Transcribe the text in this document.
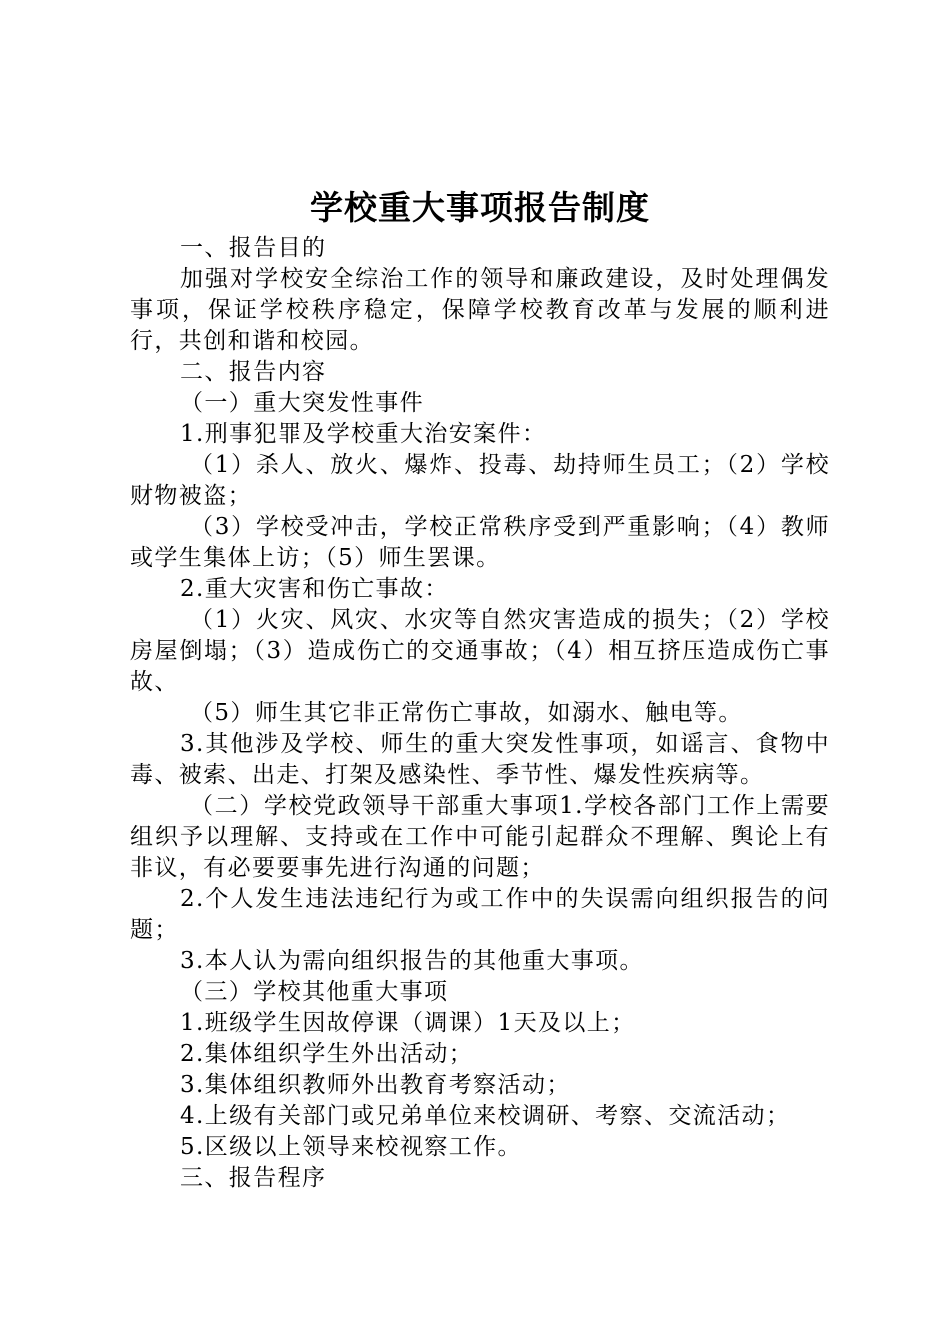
学校重大事项报告制度

一、报告目的

加强对学校安全综治工作的领导和廉政建设，及时处理偶发事项，保证学校秩序稳定，保障学校教育改革与发展的顺利进行，共创和谐和校园。

二、报告内容

（一）重大突发性事件

1.刑事犯罪及学校重大治安案件：

（1）杀人、放火、爆炸、投毒、劫持师生员工；（2）学校财物被盗；

（3）学校受冲击，学校正常秩序受到严重影响；（4）教师或学生集体上访；（5）师生罢课。

2.重大灾害和伤亡事故：

（1）火灾、风灾、水灾等自然灾害造成的损失；（2）学校房屋倒塌；（3）造成伤亡的交通事故；（4）相互挤压造成伤亡事故、

（5）师生其它非正常伤亡事故，如溺水、触电等。

3.其他涉及学校、师生的重大突发性事项，如谣言、食物中毒、被索、出走、打架及感染性、季节性、爆发性疾病等。

（二）学校党政领导干部重大事项1.学校各部门工作上需要组织予以理解、支持或在工作中可能引起群众不理解、舆论上有非议，有必要要事先进行沟通的问题；

2.个人发生违法违纪行为或工作中的失误需向组织报告的问题；

3.本人认为需向组织报告的其他重大事项。

（三）学校其他重大事项

1.班级学生因故停课（调课）1天及以上；

2.集体组织学生外出活动；

3.集体组织教师外出教育考察活动；

4.上级有关部门或兄弟单位来校调研、考察、交流活动；

5.区级以上领导来校视察工作。

三、报告程序
